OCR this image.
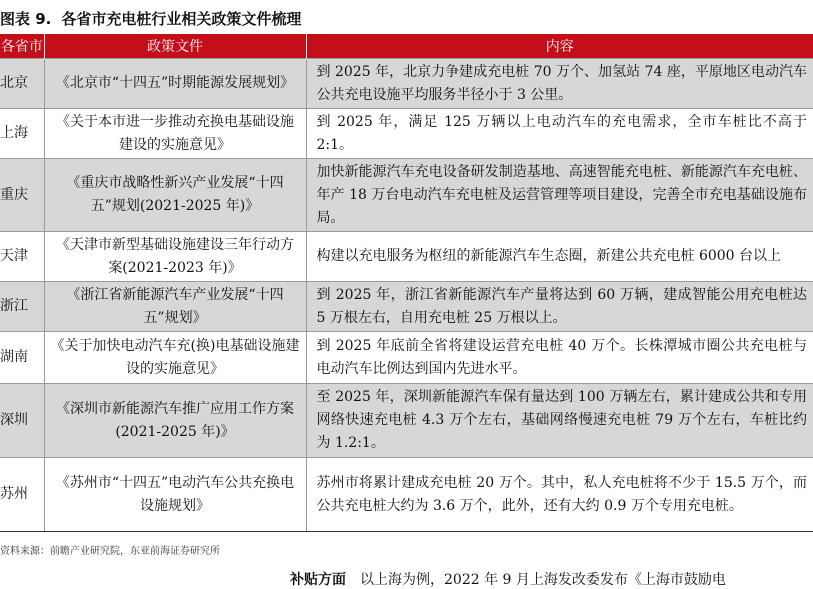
图表 9. 各省市充电桩行业相关政策文件梳理
各省市	政策文件	内容
北京	《北京市“十四五”时期能源发展规划》	到 2025 年，北京力争建成充电桩 70 万个、加氢站 74 座，平原地区电动汽车公共充电设施平均服务半径小于 3 公里。
上海	《关于本市进一步推动充换电基础设施建设的实施意见》	到 2025 年，满足 125 万辆以上电动汽车的充电需求，全市车桩比不高于 2:1。
重庆	《重庆市战略性新兴产业发展“十四五”规划(2021-2025 年)》	加快新能源汽车充电设备研发制造基地、高速智能充电桩、新能源汽车充电桩、年产 18 万台电动汽车充电桩及运营管理等项目建设，完善全市充电基础设施布局。
天津	《天津市新型基础设施建设三年行动方案(2021-2023 年)》	构建以充电服务为枢纽的新能源汽车生态圈，新建公共充电桩 6000 台以上
浙江	《浙江省新能源汽车产业发展“十四五”规划》	到 2025 年，浙江省新能源汽车产量将达到 60 万辆，建成智能公用充电桩达 5 万根左右，自用充电桩 25 万根以上。
湖南	《关于加快电动汽车充(换)电基础设施建设的实施意见》	到 2025 年底前全省将建设运营充电桩 40 万个。长株潭城市圈公共充电桩与电动汽车比例达到国内先进水平。
深圳	《深圳市新能源汽车推广应用工作方案(2021-2025 年)》	至 2025 年，深圳新能源汽车保有量达到 100 万辆左右，累计建成公共和专用网络快速充电桩 4.3 万个左右，基础网络慢速充电桩 79 万个左右，车桩比约为 1.2:1。
苏州	《苏州市“十四五”电动汽车公共充换电设施规划》	苏州市将累计建成充电桩 20 万个。其中，私人充电桩将不少于 15.5 万个，而公共充电桩大约为 3.6 万个，此外，还有大约 0.9 万个专用充电桩。
资料来源：前瞻产业研究院，东亚前海证券研究所
补贴方面 以上海为例，2022 年 9 月上海发改委发布《上海市鼓励电
